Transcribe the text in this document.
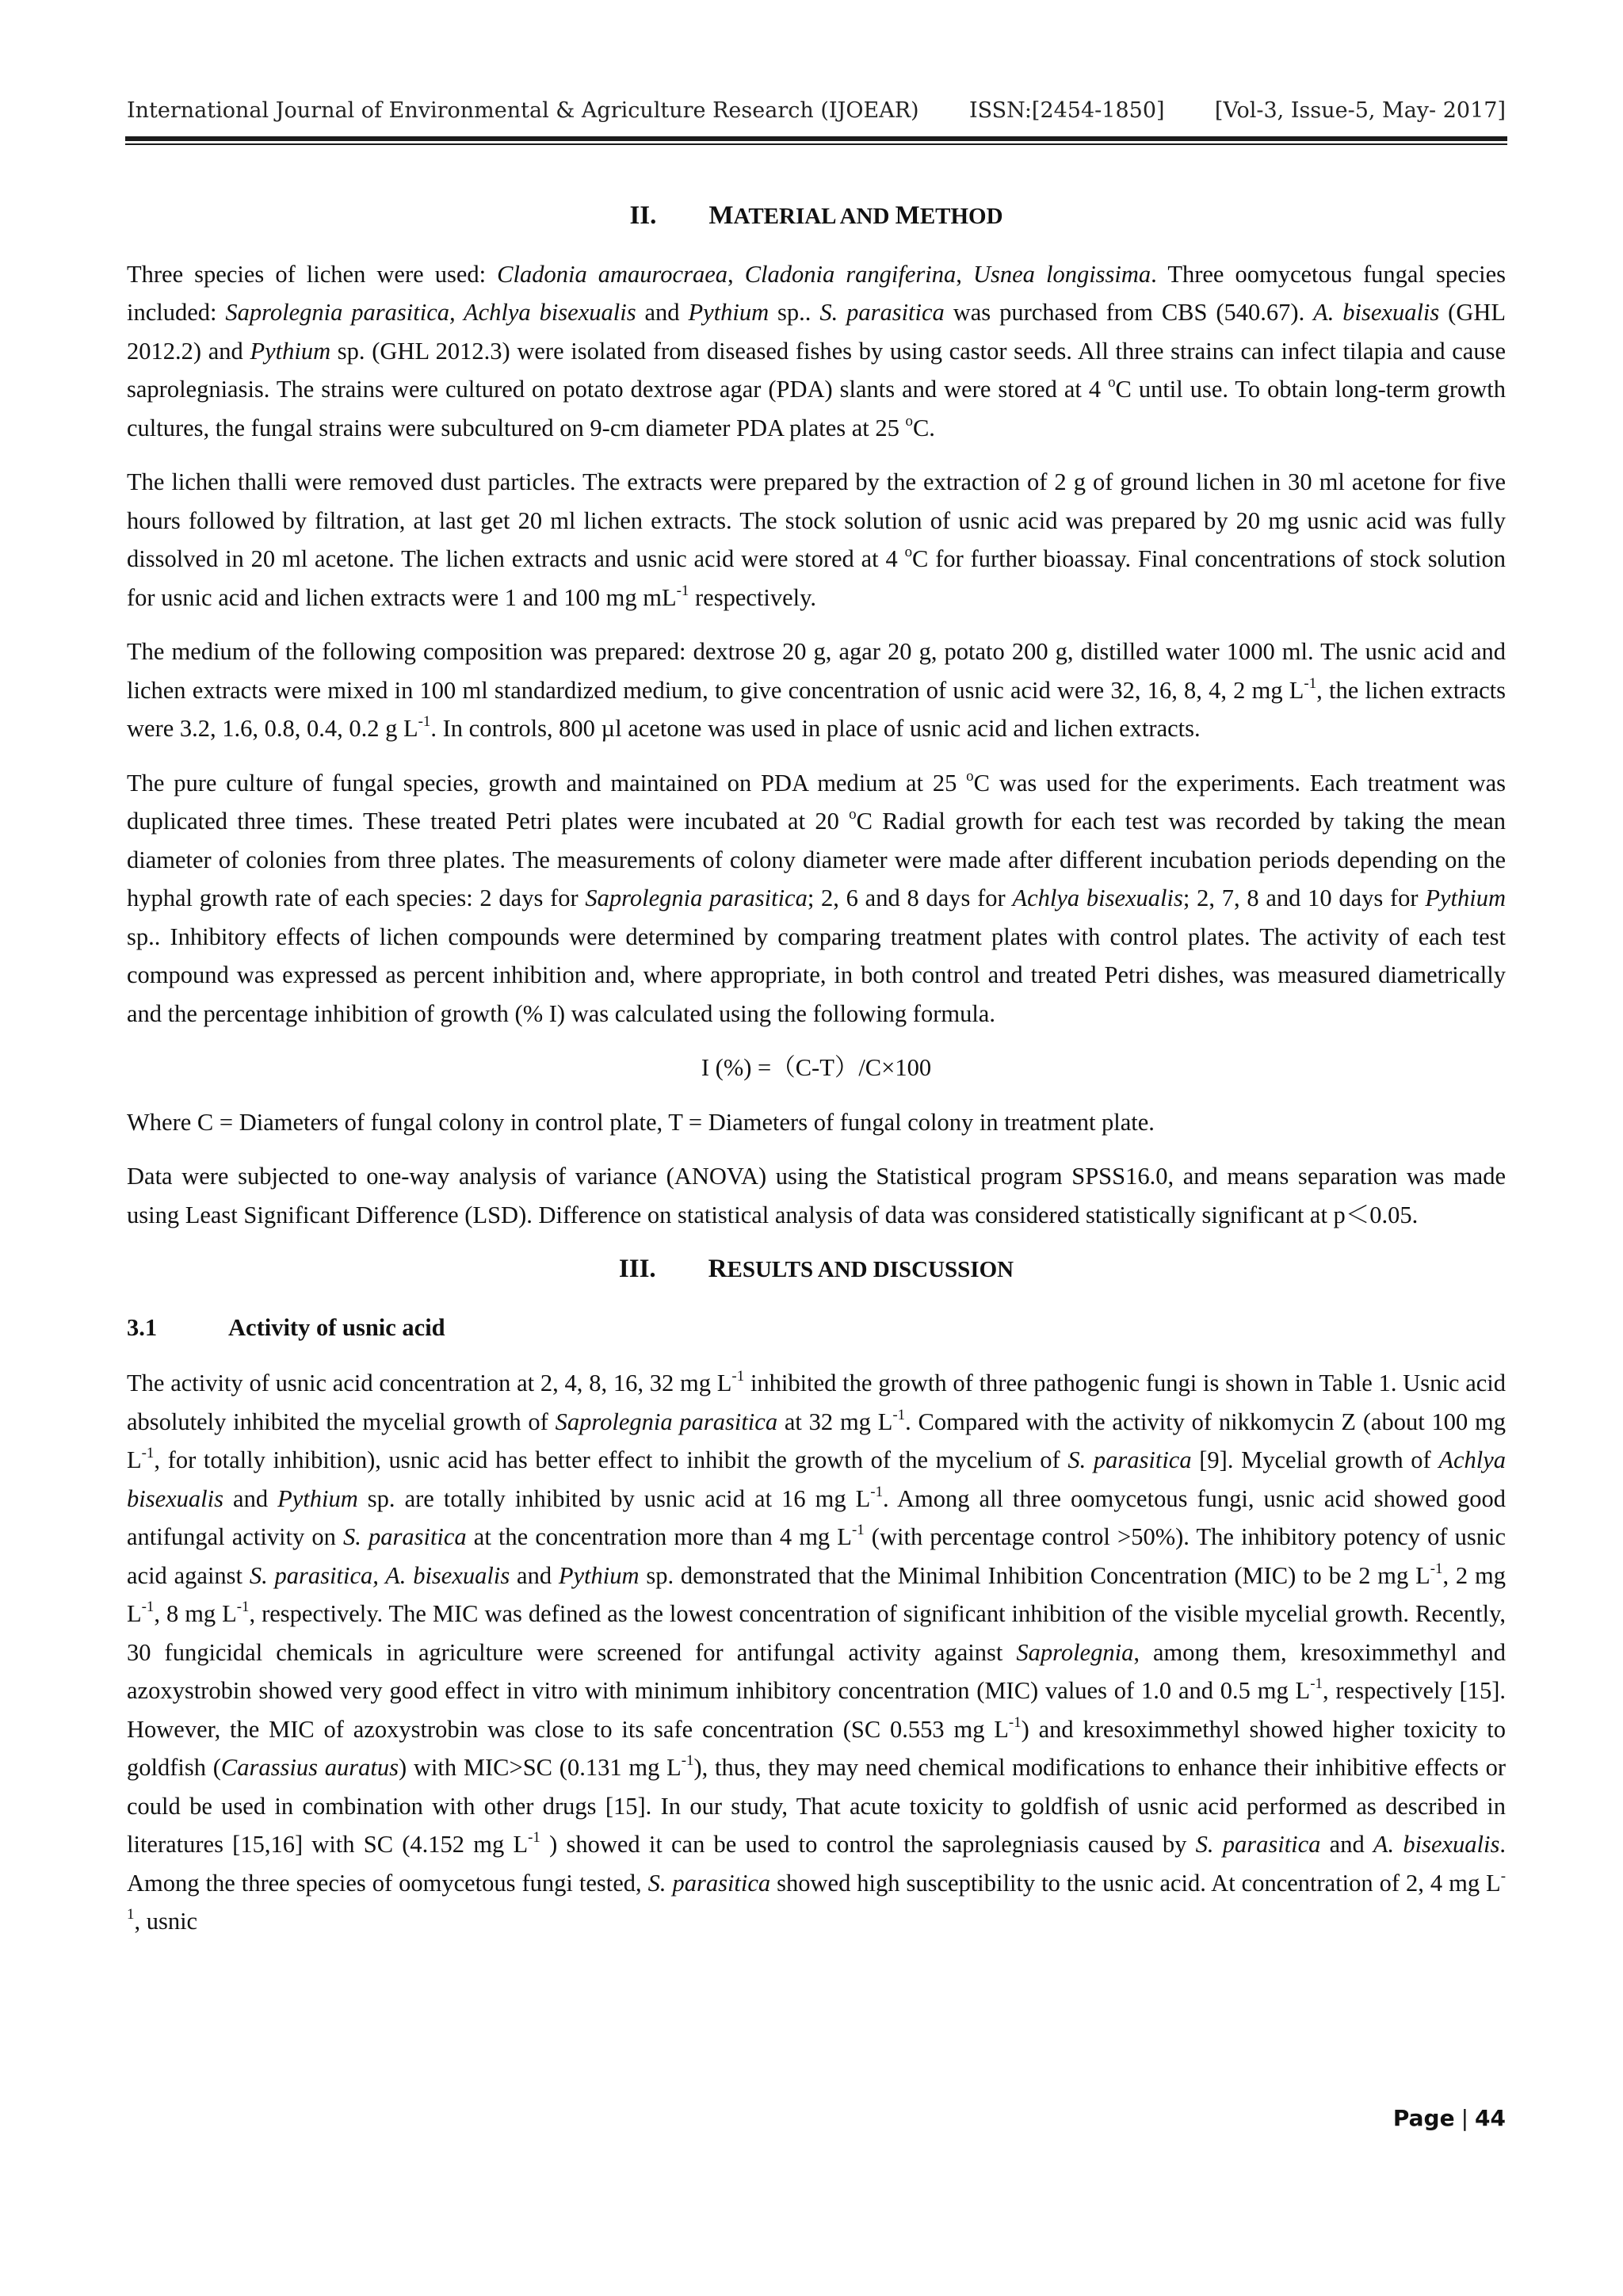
International Journal of Environmental & Agriculture Research (IJOEAR) ISSN:[2454-1850] [Vol-3, Issue-5, May- 2017]
II. MATERIAL AND METHOD

Three species of lichen were used: Cladonia amaurocraea, Cladonia rangiferina, Usnea longissima. Three oomycetous fungal species included: Saprolegnia parasitica, Achlya bisexualis and Pythium sp.. S. parasitica was purchased from CBS (540.67). A. bisexualis (GHL 2012.2) and Pythium sp. (GHL 2012.3) were isolated from diseased fishes by using castor seeds. All three strains can infect tilapia and cause saprolegniasis. The strains were cultured on potato dextrose agar (PDA) slants and were stored at 4 $^o$C until use. To obtain long-term growth cultures, the fungal strains were subcultured on 9-cm diameter PDA plates at 25 $^o$C.

The lichen thalli were removed dust particles. The extracts were prepared by the extraction of 2 g of ground lichen in 30 ml acetone for five hours followed by filtration, at last get 20 ml lichen extracts. The stock solution of usnic acid was prepared by 20 mg usnic acid was fully dissolved in 20 ml acetone. The lichen extracts and usnic acid were stored at 4 $^o$C for further bioassay. Final concentrations of stock solution for usnic acid and lichen extracts were 1 and 100 mg $mL^{-1}$ respectively.

The medium of the following composition was prepared: dextrose 20 g, agar 20 g, potato 200 g, distilled water 1000 ml. The usnic acid and lichen extracts were mixed in 100 ml standardized medium, to give concentration of usnic acid were 32, 16, 8, 4, 2 mg $L^{-1}$, the lichen extracts were 3.2, 1.6, 0.8, 0.4, 0.2 g $L^{-1}$. In controls, 800 µl acetone was used in place of usnic acid and lichen extracts.

The pure culture of fungal species, growth and maintained on PDA medium at 25 $^o$C was used for the experiments. Each treatment was duplicated three times. These treated Petri plates were incubated at 20 $^o$C Radial growth for each test was recorded by taking the mean diameter of colonies from three plates. The measurements of colony diameter were made after different incubation periods depending on the hyphal growth rate of each species: 2 days for Saprolegnia parasitica; 2, 6 and 8 days for Achlya bisexualis; 2, 7, 8 and 10 days for Pythium sp.. Inhibitory effects of lichen compounds were determined by comparing treatment plates with control plates. The activity of each test compound was expressed as percent inhibition and, where appropriate, in both control and treated Petri dishes, was measured diametrically and the percentage inhibition of growth (% I) was calculated using the following formula.

I (%) =（C-T）/C×100

Where C = Diameters of fungal colony in control plate, T = Diameters of fungal colony in treatment plate.

Data were subjected to one-way analysis of variance (ANOVA) using the Statistical program SPSS16.0, and means separation was made using Least Significant Difference (LSD). Difference on statistical analysis of data was considered statistically significant at p＜0.05.

III. RESULTS AND DISCUSSION
3.1	Activity of usnic acid

The activity of usnic acid concentration at 2, 4, 8, 16, 32 mg $L^{-1}$ inhibited the growth of three pathogenic fungi is shown in Table 1. Usnic acid absolutely inhibited the mycelial growth of Saprolegnia parasitica at 32 mg $L^{-1}$. Compared with the activity of nikkomycin Z (about 100 mg $L^{-1}$, for totally inhibition), usnic acid has better effect to inhibit the growth of the mycelium of S. parasitica [9]. Mycelial growth of Achlya bisexualis and Pythium sp. are totally inhibited by usnic acid at 16 mg $L^{-1}$. Among all three oomycetous fungi, usnic acid showed good antifungal activity on S. parasitica at the concentration more than 4 mg $L^{-1}$ (with percentage control >50%). The inhibitory potency of usnic acid against S. parasitica, A. bisexualis and Pythium sp. demonstrated that the Minimal Inhibition Concentration (MIC) to be 2 mg $L^{-1}$, 2 mg $L^{-1}$, 8 mg $L^{-1}$, respectively. The MIC was defined as the lowest concentration of significant inhibition of the visible mycelial growth. Recently, 30 fungicidal chemicals in agriculture were screened for antifungal activity against Saprolegnia, among them, kresoximmethyl and azoxystrobin showed very good effect in vitro with minimum inhibitory concentration (MIC) values of 1.0 and 0.5 mg $L^{-1}$, respectively [15]. However, the MIC of azoxystrobin was close to its safe concentration (SC 0.553 mg $L^{-1}$) and kresoximmethyl showed higher toxicity to goldfish (Carassius auratus) with MIC>SC (0.131 mg $L^{-1}$), thus, they may need chemical modifications to enhance their inhibitive effects or could be used in combination with other drugs [15]. In our study, That acute toxicity to goldfish of usnic acid performed as described in literatures [15,16] with SC (4.152 mg $L^{-1}$ ) showed it can be used to control the saprolegniasis caused by S. parasitica and A. bisexualis. Among the three species of oomycetous fungi tested, S. parasitica showed high susceptibility to the usnic acid. At concentration of 2, 4 mg $L^{-1}$, usnic

Page | 44
